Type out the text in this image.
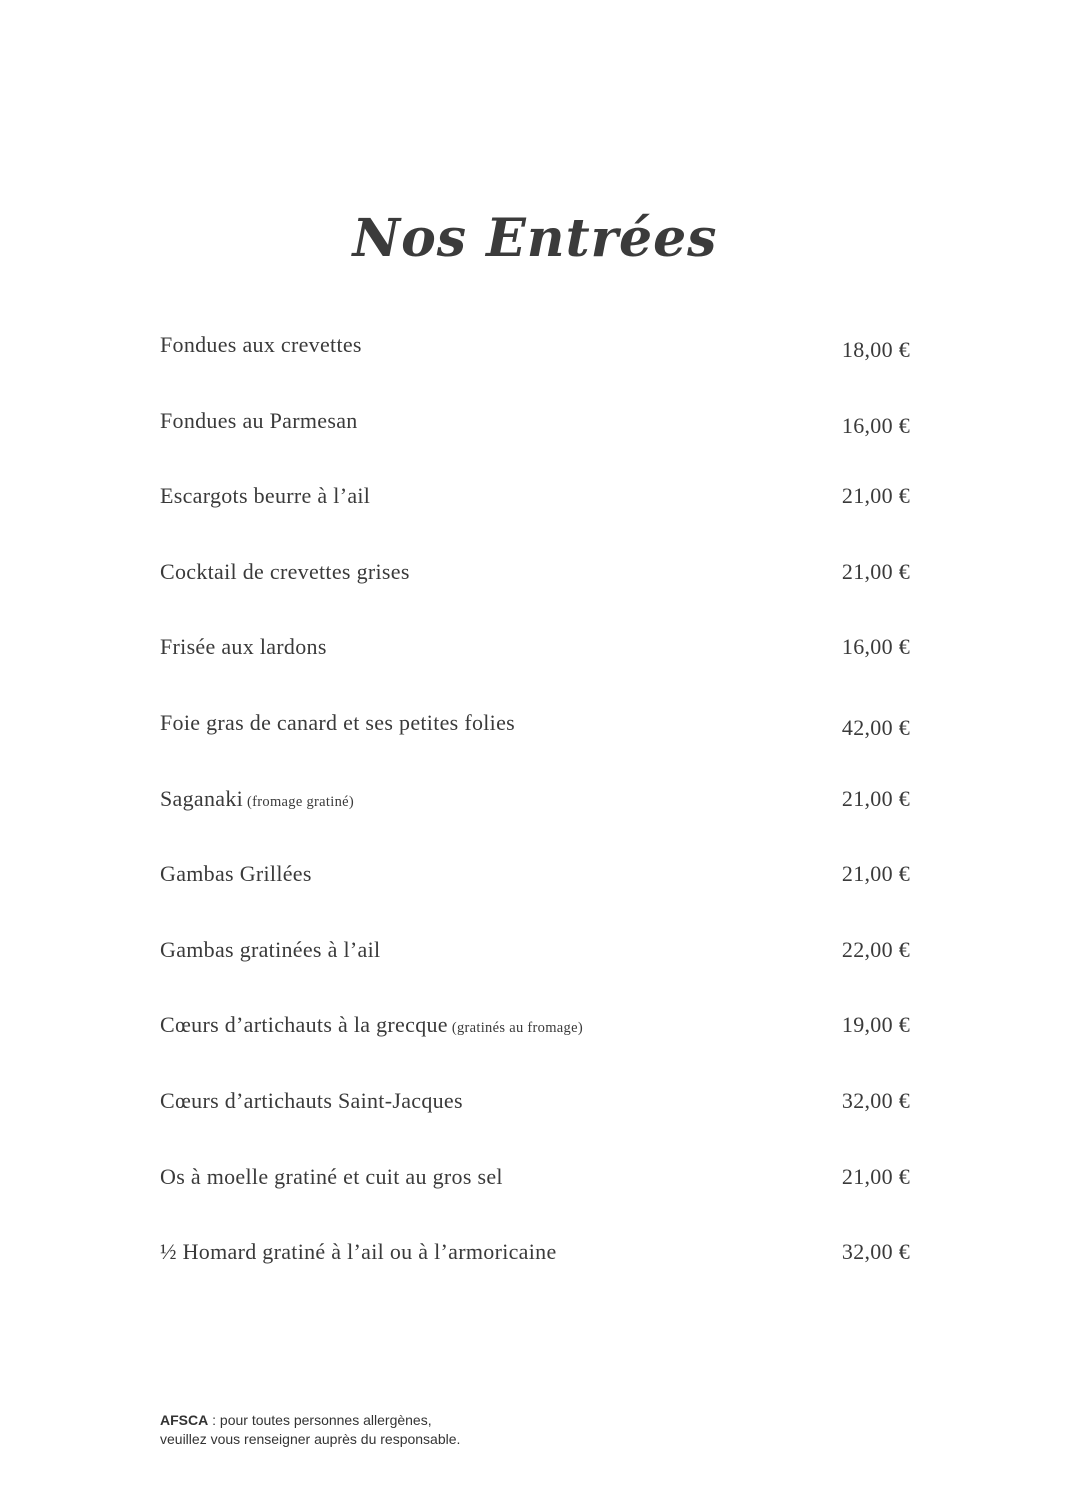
Nos Entrées
Fondues aux crevettes	18,00 €
Fondues au Parmesan	16,00 €
Escargots beurre à l’ail	21,00 €
Cocktail de crevettes grises	21,00 €
Frisée aux lardons	16,00 €
Foie gras de canard et ses petites folies	42,00 €
Saganaki (fromage gratiné)	21,00 €
Gambas Grillées	21,00 €
Gambas gratinées à l’ail	22,00 €
Cœurs d’artichauts à la grecque (gratinés au fromage)	19,00 €
Cœurs d’artichauts Saint-Jacques	32,00 €
Os à moelle gratiné et cuit au gros sel	21,00 €
½ Homard gratiné à l’ail ou à l’armoricaine	32,00 €
AFSCA : pour toutes personnes allergènes,
veuillez vous renseigner auprès du responsable.
